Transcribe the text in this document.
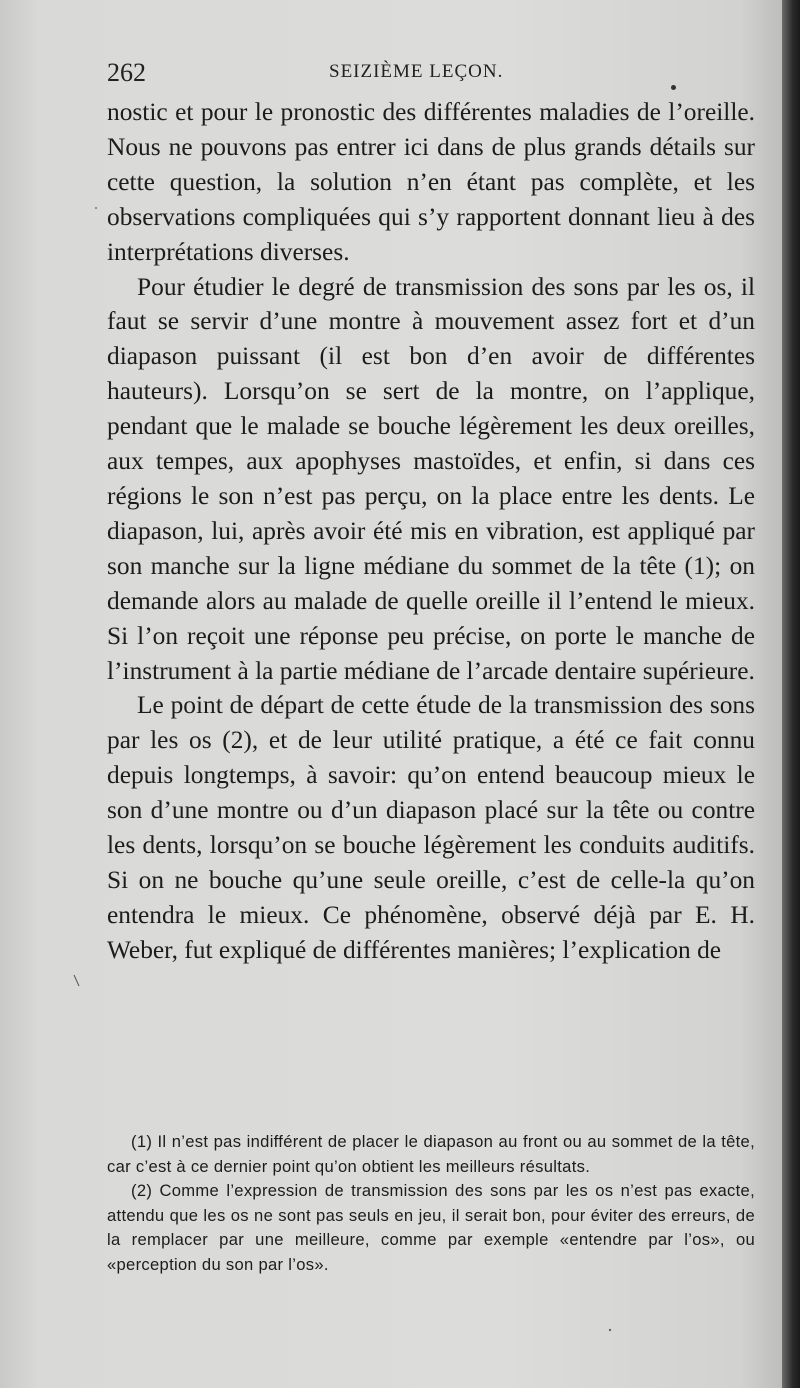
262	SEIZIÈME LEÇON.

nostic et pour le pronostic des différentes maladies de l’oreille. Nous ne pouvons pas entrer ici dans de plus grands détails sur cette question, la solution n’en étant pas complète, et les observations compliquées qui s’y rapportent donnant lieu à des interprétations diverses.

Pour étudier le degré de transmission des sons par les os, il faut se servir d’une montre à mouvement assez fort et d’un diapason puissant (il est bon d’en avoir de différentes hauteurs). Lorsqu’on se sert de la montre, on l’applique, pendant que le malade se bouche légèrement les deux oreilles, aux tempes, aux apophyses mastoïdes, et enfin, si dans ces régions le son n’est pas perçu, on la place entre les dents. Le diapason, lui, après avoir été mis en vibration, est appliqué par son manche sur la ligne médiane du sommet de la tête (1); on demande alors au malade de quelle oreille il l’entend le mieux. Si l’on reçoit une réponse peu précise, on porte le manche de l’instrument à la partie médiane de l’arcade dentaire supérieure.

Le point de départ de cette étude de la transmission des sons par les os (2), et de leur utilité pratique, a été ce fait connu depuis longtemps, à savoir: qu’on entend beaucoup mieux le son d’une montre ou d’un diapason placé sur la tête ou contre les dents, lorsqu’on se bouche légèrement les conduits auditifs. Si on ne bouche qu’une seule oreille, c’est de celle-la qu’on entendra le mieux. Ce phénomène, observé déjà par E. H. Weber, fut expliqué de différentes manières; l’explication de

(1) Il n’est pas indifférent de placer le diapason au front ou au sommet de la tête, car c’est à ce dernier point qu’on obtient les meilleurs résultats.

(2) Comme l’expression de transmission des sons par les os n’est pas exacte, attendu que les os ne sont pas seuls en jeu, il serait bon, pour éviter des erreurs, de la remplacer par une meilleure, comme par exemple «entendre par l’os», ou «perception du son par l’os».
